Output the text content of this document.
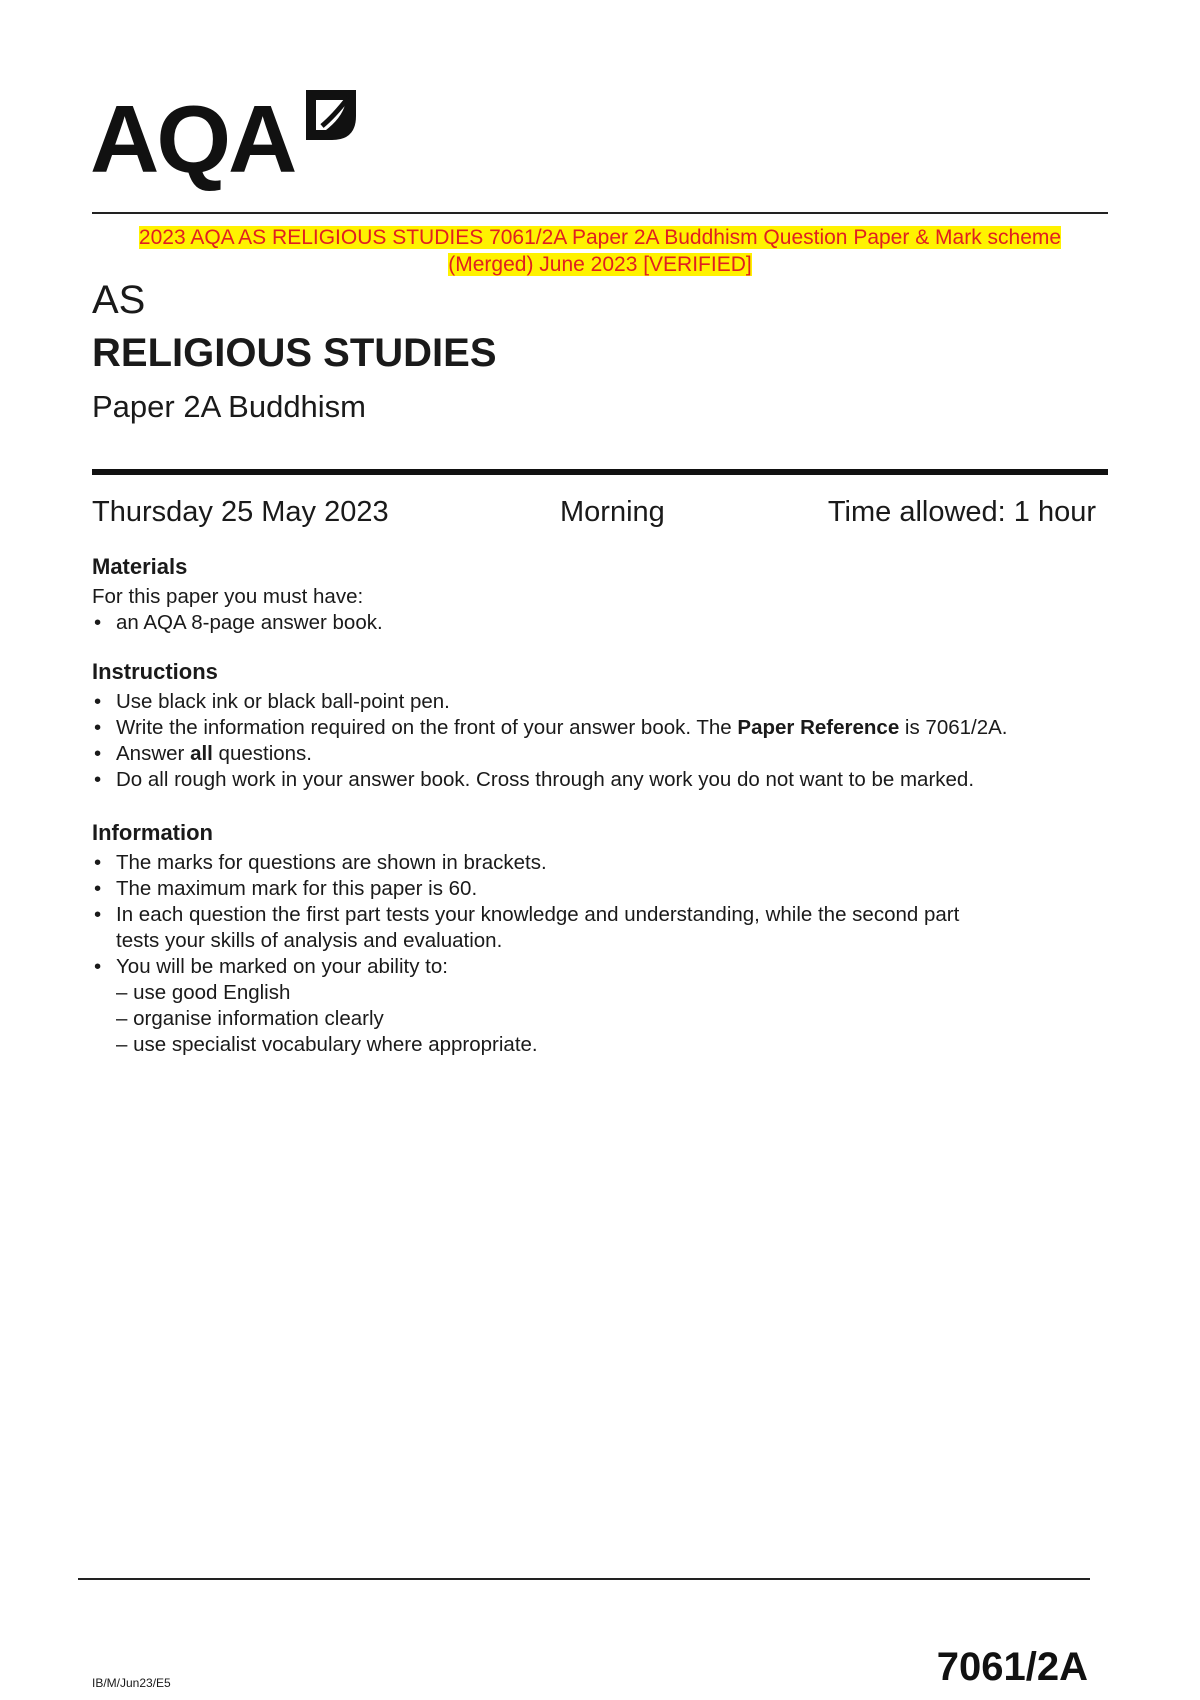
AQA
2023 AQA AS RELIGIOUS STUDIES 7061/2A Paper 2A Buddhism Question Paper & Mark scheme
(Merged) June 2023 [VERIFIED]
AS
RELIGIOUS STUDIES
Paper 2A Buddhism
Thursday 25 May 2023	Morning	Time allowed: 1 hour
Materials

For this paper you must have:

• an AQA 8-page answer book.
Instructions
• Use black ink or black ball-point pen.
• Write the information required on the front of your answer book. The Paper Reference is 7061/2A.
• Answer all questions.
• Do all rough work in your answer book. Cross through any work you do not want to be marked.
Information
• The marks for questions are shown in brackets.
• The maximum mark for this paper is 60.
• In each question the first part tests your knowledge and understanding, while the second part
tests your skills of analysis and evaluation.
• You will be marked on your ability to:
– use good English
– organise information clearly
– use specialist vocabulary where appropriate.
IB/M/Jun23/E5	7061/2A
